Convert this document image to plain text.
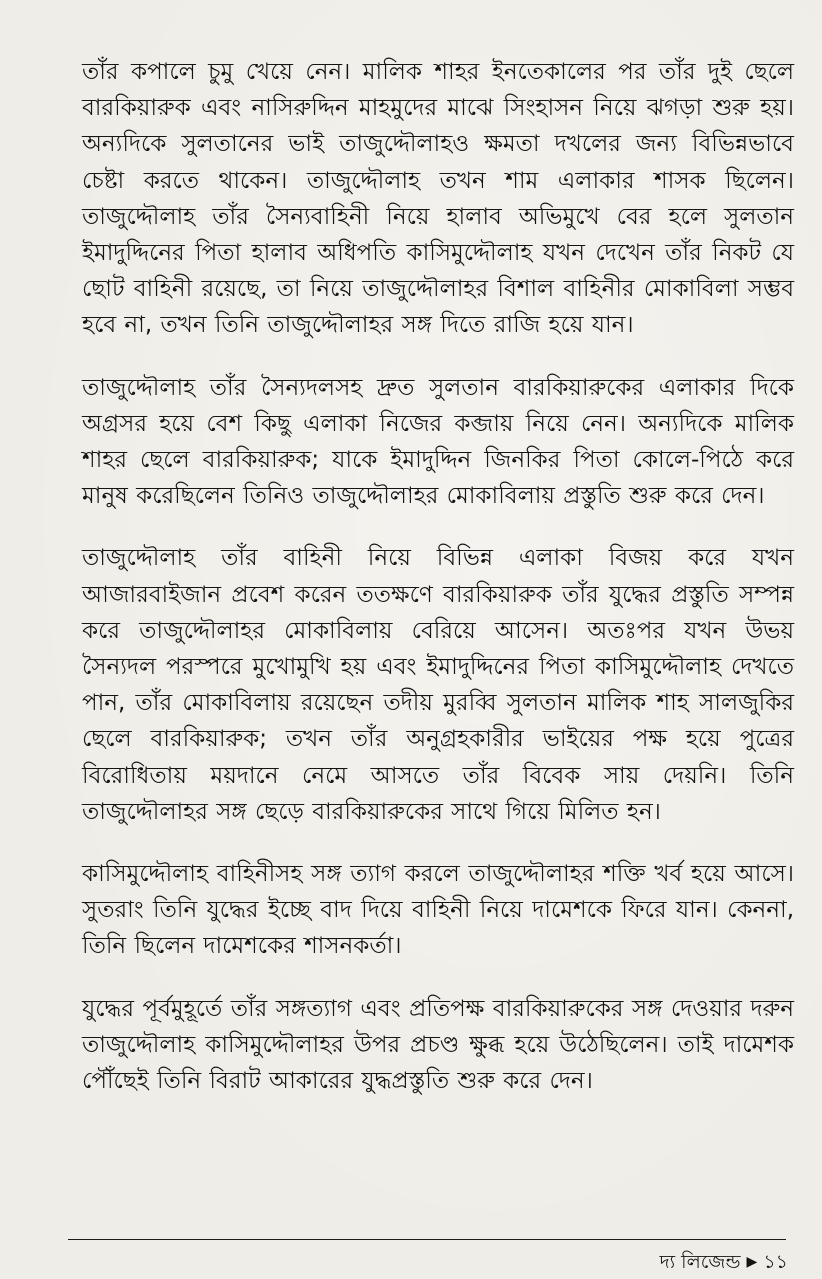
তাঁর কপালে চুমু খেয়ে নেন। মালিক শাহর ইনতেকালের পর তাঁর দুই ছেলে বারকিয়ারুক এবং নাসিরুদ্দিন মাহমুদের মাঝে সিংহাসন নিয়ে ঝগড়া শুরু হয়। অন্যদিকে সুলতানের ভাই তাজুদ্দৌলাহও ক্ষমতা দখলের জন্য বিভিন্নভাবে চেষ্টা করতে থাকেন। তাজুদ্দৌলাহ তখন শাম এলাকার শাসক ছিলেন। তাজুদ্দৌলাহ তাঁর সৈন্যবাহিনী নিয়ে হালাব অভিমুখে বের হলে সুলতান ইমাদুদ্দিনের পিতা হালাব অধিপতি কাসিমুদ্দৌলাহ যখন দেখেন তাঁর নিকট যে ছোট বাহিনী রয়েছে, তা নিয়ে তাজুদ্দৌলাহর বিশাল বাহিনীর মোকাবিলা সম্ভব হবে না, তখন তিনি তাজুদ্দৌলাহর সঙ্গ দিতে রাজি হয়ে যান।

তাজুদ্দৌলাহ তাঁর সৈন্যদলসহ দ্রুত সুলতান বারকিয়ারুকের এলাকার দিকে অগ্রসর হয়ে বেশ কিছু এলাকা নিজের কব্জায় নিয়ে নেন। অন্যদিকে মালিক শাহর ছেলে বারকিয়ারুক; যাকে ইমাদুদ্দিন জিনকির পিতা কোলে-পিঠে করে মানুষ করেছিলেন তিনিও তাজুদ্দৌলাহর মোকাবিলায় প্রস্তুতি শুরু করে দেন।

তাজুদ্দৌলাহ তাঁর বাহিনী নিয়ে বিভিন্ন এলাকা বিজয় করে যখন আজারবাইজান প্রবেশ করেন ততক্ষণে বারকিয়ারুক তাঁর যুদ্ধের প্রস্তুতি সম্পন্ন করে তাজুদ্দৌলাহর মোকাবিলায় বেরিয়ে আসেন। অতঃপর যখন উভয় সৈন্যদল পরস্পরে মুখোমুখি হয় এবং ইমাদুদ্দিনের পিতা কাসিমুদ্দৌলাহ দেখতে পান, তাঁর মোকাবিলায় রয়েছেন তদীয় মুরব্বি সুলতান মালিক শাহ সালজুকির ছেলে বারকিয়ারুক; তখন তাঁর অনুগ্রহকারীর ভাইয়ের পক্ষ হয়ে পুত্রের বিরোধিতায় ময়দানে নেমে আসতে তাঁর বিবেক সায় দেয়নি। তিনি তাজুদ্দৌলাহর সঙ্গ ছেড়ে বারকিয়ারুকের সাথে গিয়ে মিলিত হন।

কাসিমুদ্দৌলাহ বাহিনীসহ সঙ্গ ত্যাগ করলে তাজুদ্দৌলাহর শক্তি খর্ব হয়ে আসে। সুতরাং তিনি যুদ্ধের ইচ্ছে বাদ দিয়ে বাহিনী নিয়ে দামেশকে ফিরে যান। কেননা, তিনি ছিলেন দামেশকের শাসনকর্তা।

যুদ্ধের পূর্বমুহূর্তে তাঁর সঙ্গত্যাগ এবং প্রতিপক্ষ বারকিয়ারুকের সঙ্গ দেওয়ার দরুন তাজুদ্দৌলাহ কাসিমুদ্দৌলাহর উপর প্রচণ্ড ক্ষুব্ধ হয়ে উঠেছিলেন। তাই দামেশক পৌঁছেই তিনি বিরাট আকারের যুদ্ধপ্রস্তুতি শুরু করে দেন।

দ্য লিজেন্ড ▶ ১১
